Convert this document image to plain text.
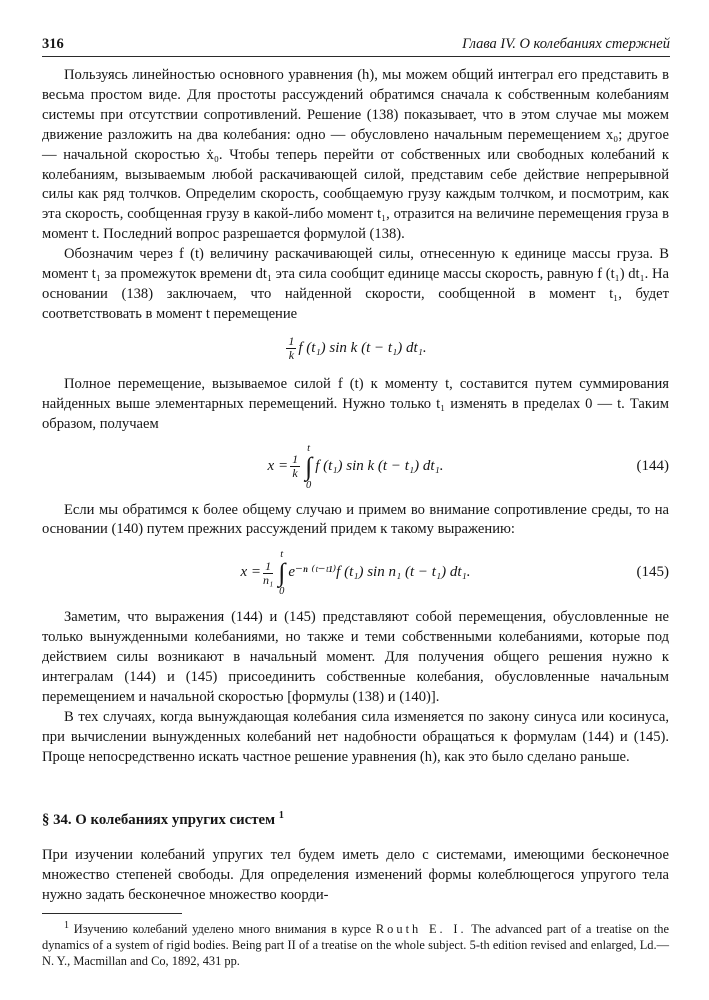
316	Глава IV. О колебаниях стержней

Пользуясь линейностью основного уравнения (h), мы можем общий интеграл его представить в весьма простом виде. Для простоты рассуждений обратимся сначала к собственным колебаниям системы при отсутствии сопротивлений. Решение (138) показывает, что в этом случае мы можем движение разложить на два колебания: одно — обусловлено начальным перемещением x₀; другое — начальной скоростью ẋ₀. Чтобы теперь перейти от собственных или свободных колебаний к колебаниям, вызываемым любой раскачивающей силой, представим себе действие непрерывной силы как ряд толчков. Определим скорость, сообщаемую грузу каждым толчком, и посмотрим, как эта скорость, сообщенная грузу в какой-либо момент t₁, отразится на величине перемещения груза в момент t. Последний вопрос разрешается формулой (138).

Обозначим через f (t) величину раскачивающей силы, отнесенную к единице массы груза. В момент t₁ за промежуток времени dt₁ эта сила сообщит единице массы скорость, равную f (t₁) dt₁. На основании (138) заключаем, что найденной скорости, сообщенной в момент t₁, будет соответствовать в момент t перемещение

$\frac{1}{k}$ f (t₁) sin k (t − t₁) dt₁.

Полное перемещение, вызываемое силой f (t) к моменту t, составится путем суммирования найденных выше элементарных перемещений. Нужно только t₁ изменять в пределах 0 — t. Таким образом, получаем

$x = \frac{1}{k}$
t
∫
0
f (t₁) sin k (t − t₁) dt₁.	(144)

Если мы обратимся к более общему случаю и примем во внимание сопротивление среды, то на основании (140) путем прежних рассуждений придем к такому выражению:

$x = \frac{1}{\text{n₁}}$
t
∫
0
e⁻ⁿ ⁽ᵗ⁻ᵗ¹⁾f (t₁) sin n₁ (t − t₁) dt₁.	(145)

Заметим, что выражения (144) и (145) представляют собой перемещения, обусловленные не только вынужденными колебаниями, но также и теми собственными колебаниями, которые под действием силы возникают в начальный момент. Для получения общего решения нужно к интегралам (144) и (145) присоединить собственные колебания, обусловленные начальным перемещением и начальной скоростью [формулы (138) и (140)].

В тех случаях, когда вынуждающая колебания сила изменяется по закону синуса или косинуса, при вычислении вынужденных колебаний нет надобности обращаться к формулам (144) и (145). Проще непосредственно искать частное решение уравнения (h), как это было сделано раньше.

§ 34. О колебаниях упругих систем $^1$

При изучении колебаний упругих тел будем иметь дело с системами, имеющими бесконечное множество степеней свободы. Для определения изменений формы колеблющегося упругого тела нужно задать бесконечное множество коорди-

$^1$ Изучению колебаний уделено много внимания в курсе Routh E. I. The advanced part of a treatise on the dynamics of a system of rigid bodies. Being part II of a treatise on the whole subject. 5-th edition revised and enlarged, Ld.— N. Y., Macmillan and Co, 1892, 431 pp.
